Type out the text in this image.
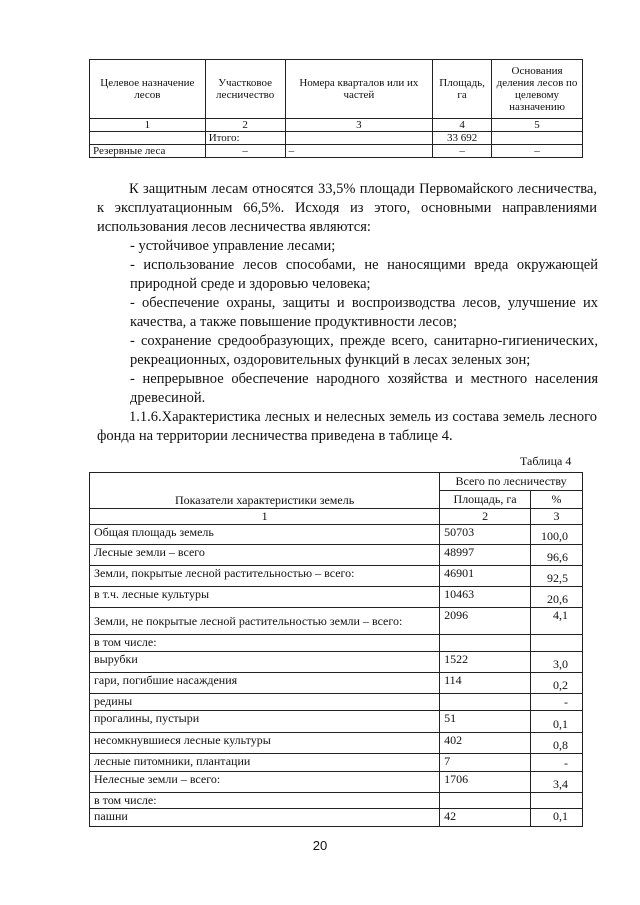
Целевое назначение лесов	Участковое лесничество	Номера кварталов или их частей	Площадь, га	Основания деления лесов по целевому назначению
1	2	3	4	5
	Итого:		33 692	
Резервные леса	–	–	–	–

К защитным лесам относятся 33,5% площади Первомайского лесничества, к эксплуатационным 66,5%. Исходя из этого, основными направлениями использования лесов лесничества являются:

- устойчивое управление лесами;

- использование лесов способами, не наносящими вреда окружающей природной среде и здоровью человека;

- обеспечение охраны, защиты и воспроизводства лесов, улучшение их качества, а также повышение продуктивности лесов;

- сохранение средообразующих, прежде всего, санитарно-гигиенических, рекреационных, оздоровительных функций в лесах зеленых зон;

- непрерывное обеспечение народного хозяйства и местного населения древесиной.

1.1.6.Характеристика лесных и нелесных земель из состава земель лесного фонда на территории лесничества приведена в таблице 4.

Таблица 4
Показатели характеристики земель	Всего по лесничеству	
	Площадь, га	%
1	2	3
Общая площадь земель	50703	100,0
Лесные земли – всего	48997	96,6
Земли, покрытые лесной растительностью – всего:	46901	92,5
в т.ч. лесные культуры	10463	20,6
Земли, не покрытые лесной растительностью земли – всего:	2096	4,1
в том числе:		
вырубки	1522	3,0
гари, погибшие насаждения	114	0,2
редины		-
прогалины, пустыри	51	0,1
несомкнувшиеся лесные культуры	402	0,8
лесные питомники, плантации	7	-
Нелесные земли – всего:	1706	3,4
в том числе:		
пашни	42	0,1
20
